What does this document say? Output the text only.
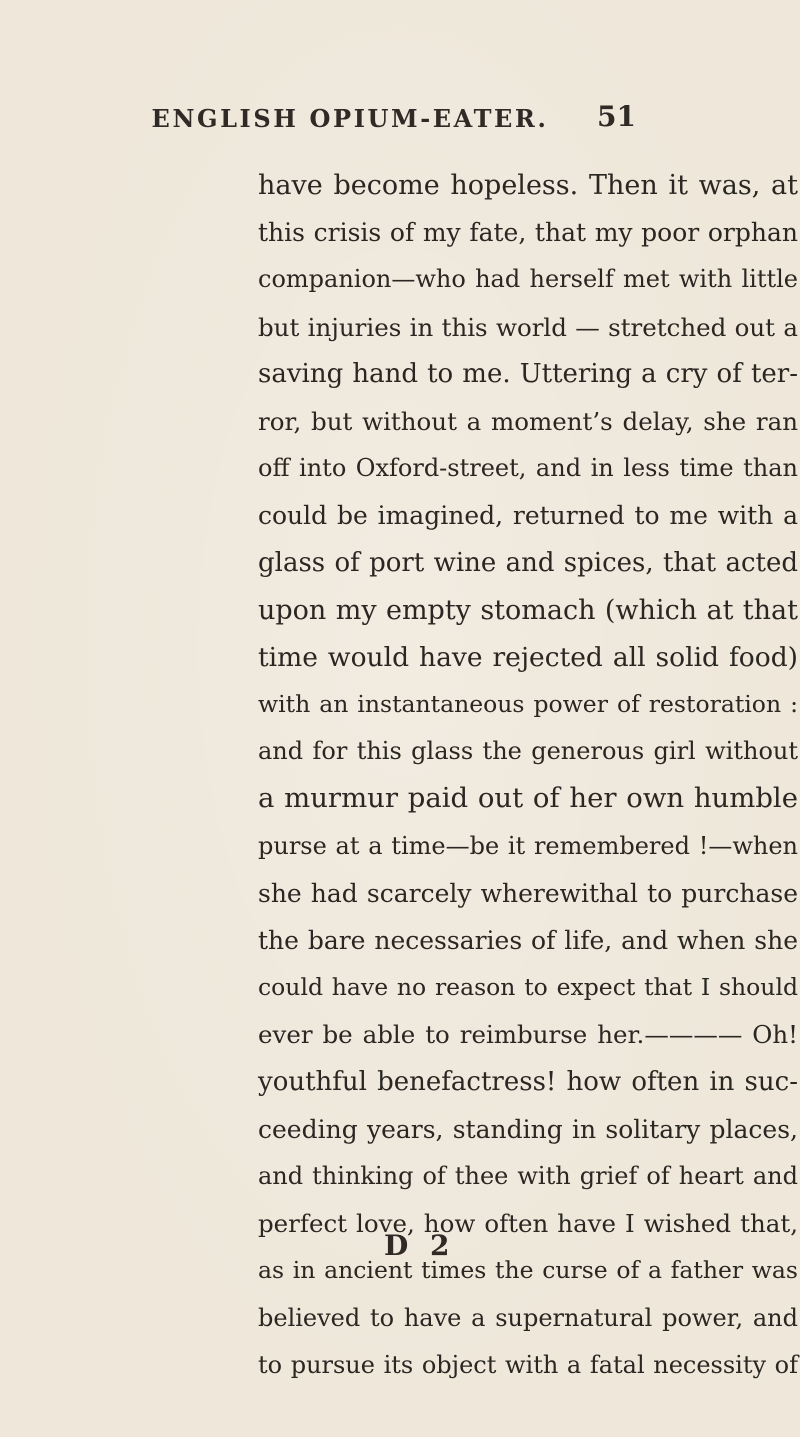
ENGLISH OPIUM-EATER.	51
have become hopeless. Then it was, at
this crisis of my fate, that my poor orphan
companion—who had herself met with little
but injuries in this world — stretched out a
saving hand to me. Uttering a cry of ter-
ror, but without a moment’s delay, she ran
off into Oxford-street, and in less time than
could be imagined, returned to me with a
glass of port wine and spices, that acted
upon my empty stomach (which at that
time would have rejected all solid food)
with an instantaneous power of restoration :
and for this glass the generous girl without
a murmur paid out of her own humble
purse at a time—be it remembered !—when
she had scarcely wherewithal to purchase
the bare necessaries of life, and when she
could have no reason to expect that I should
ever be able to reimburse her.———— Oh!
youthful benefactress! how often in suc-
ceeding years, standing in solitary places,
and thinking of thee with grief of heart and
perfect love, how often have I wished that,
as in ancient times the curse of a father was
believed to have a supernatural power, and
to pursue its object with a fatal necessity of
D 2
